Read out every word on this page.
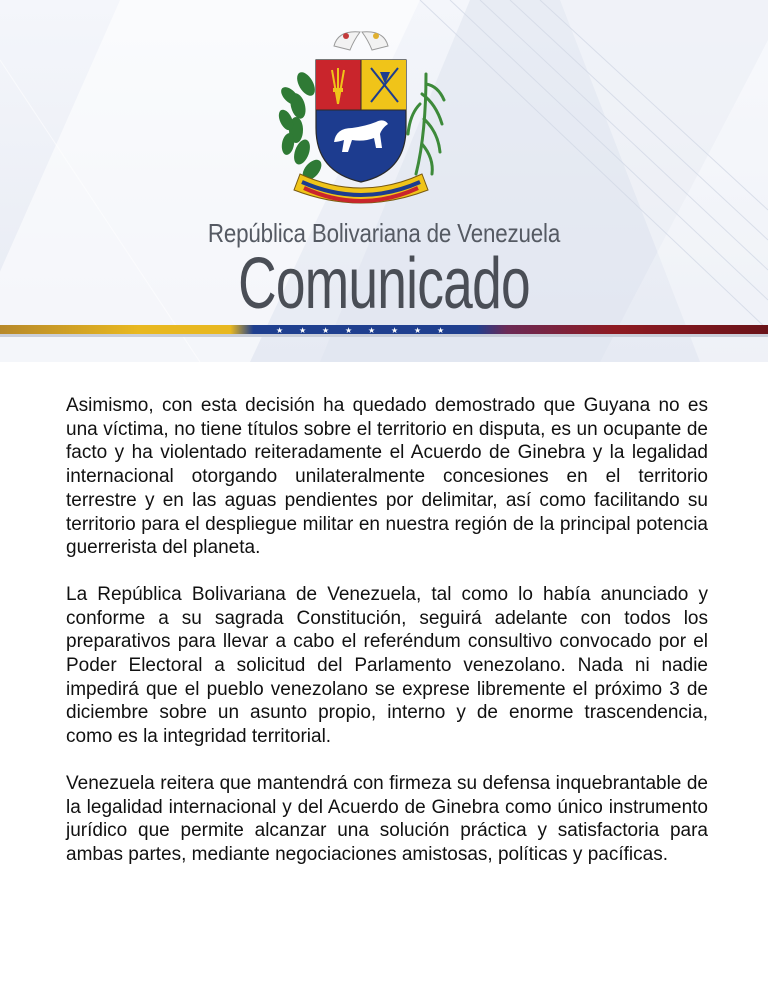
República Bolivariana de Venezuela
Comunicado
★ ★ ★ ★ ★ ★ ★ ★

Asimismo, con esta decisión ha quedado demostrado que Guyana no es una víctima, no tiene títulos sobre el territorio en disputa, es un ocupante de facto y ha violentado reiteradamente el Acuerdo de Ginebra y la legalidad internacional otorgando unilateralmente concesiones en el territorio terrestre y en las aguas pendientes por delimitar, así como facilitando su territorio para el despliegue militar en nuestra región de la principal potencia guerrerista del planeta.

La República Bolivariana de Venezuela, tal como lo había anunciado y conforme a su sagrada Constitución, seguirá adelante con todos los preparativos para llevar a cabo el referéndum consultivo convocado por el Poder Electoral a solicitud del Parlamento venezolano. Nada ni nadie impedirá que el pueblo venezolano se exprese libremente el próximo 3 de diciembre sobre un asunto propio, interno y de enorme trascendencia, como es la integridad territorial.

Venezuela reitera que mantendrá con firmeza su defensa inquebrantable de la legalidad internacional y del Acuerdo de Ginebra como único instrumento jurídico que permite alcanzar una solución práctica y satisfactoria para ambas partes, mediante negociaciones amistosas, políticas y pacíficas.
